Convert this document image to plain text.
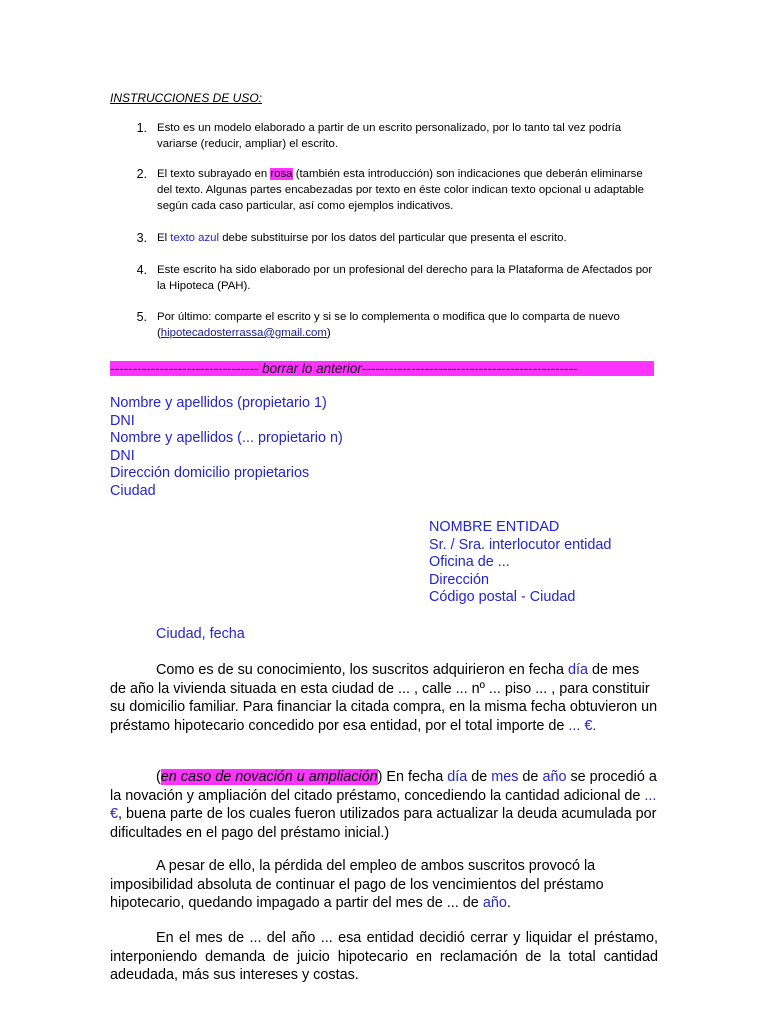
INSTRUCCIONES DE USO:
1. Esto es un modelo elaborado a partir de un escrito personalizado, por lo tanto tal vez podría variarse (reducir, ampliar) el escrito.
2. El texto subrayado en rosa (también esta introducción) son indicaciones que deberán eliminarse del texto. Algunas partes encabezadas por texto en éste color indican texto opcional u adaptable según cada caso particular, así como ejemplos indicativos.
3. El texto azul debe substituirse por los datos del particular que presenta el escrito.
4. Este escrito ha sido elaborado por un profesional del derecho para la Plataforma de Afectados por la Hipoteca (PAH).
5. Por último: comparte el escrito y si se lo complementa o modifica que lo comparta de nuevo (hipotecadosterrassa@gmail.com)
--------------------------------- borrar lo anterior------------------------------------------------
Nombre y apellidos (propietario 1)
DNI
Nombre y apellidos (... propietario n)
DNI
Dirección domicilio propietarios
Ciudad
NOMBRE ENTIDAD
Sr. / Sra. interlocutor entidad
Oficina de ...
Dirección
Código postal - Ciudad
Ciudad, fecha
Como es de su conocimiento, los suscritos adquirieron en fecha día de mes de año la vivienda situada en esta ciudad de ... , calle ... nº ... piso ... , para constituir su domicilio familiar. Para financiar la citada compra, en la misma fecha obtuvieron un préstamo hipotecario concedido por esa entidad, por el total importe de ... €.
(en caso de novación u ampliación) En fecha día de mes de año se procedió a la novación y ampliación del citado préstamo, concediendo la cantidad adicional de ...€, buena parte de los cuales fueron utilizados para actualizar la deuda acumulada por dificultades en el pago del préstamo inicial.)
A pesar de ello, la pérdida del empleo de ambos suscritos provocó la imposibilidad absoluta de continuar el pago de los vencimientos del préstamo hipotecario, quedando impagado a partir del mes de ... de año.
En el mes de ... del año ... esa entidad decidió cerrar y liquidar el préstamo, interponiendo demanda de juicio hipotecario en reclamación de la total cantidad adeudada, más sus intereses y costas.
